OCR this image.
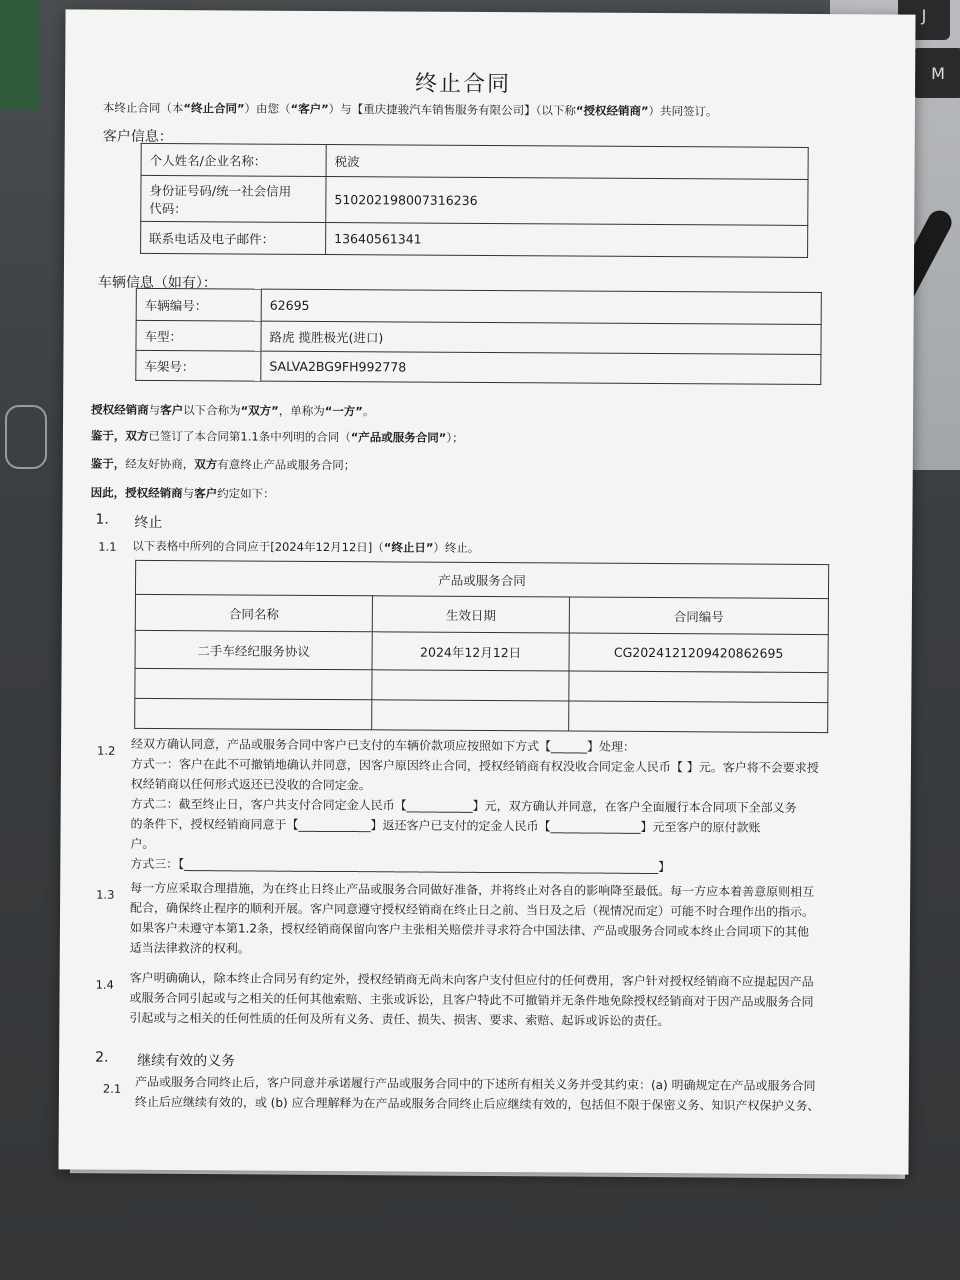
J
M
终止合同
本终止合同（本“终止合同”）由您（“客户”）与【重庆捷骏汽车销售服务有限公司】（以下称“授权经销商”）共同签订。
客户信息：
个人姓名/企业名称：	税波
身份证号码/统一社会信用
代码：	510202198007316236
联系电话及电子邮件：	13640561341
车辆信息（如有）：
车辆编号：	62695
车型：	路虎 揽胜极光(进口)
车架号：	SALVA2BG9FH992778
授权经销商与客户以下合称为“双方”，单称为“一方”。
鉴于，双方已签订了本合同第1.1条中列明的合同（“产品或服务合同”）；
鉴于，经友好协商，双方有意终止产品或服务合同；
因此，授权经销商与客户约定如下：
1. 终止
1.1 以下表格中所列的合同应于[2024年12月12日]（“终止日”）终止。
产品或服务合同		
合同名称	生效日期	合同编号
二手车经纪服务协议	2024年12月12日	CG2024121209420862695

1.2 经双方确认同意，产品或服务合同中客户已支付的车辆价款项应按照如下方式【______】处理：
方式一：客户在此不可撤销地确认并同意，因客户原因终止合同，授权经销商有权没收合同定金人民币【 】元。客户将不会要求授
权经销商以任何形式返还已没收的合同定金。
方式二：截至终止日，客户共支付合同定金人民币【___________】元，双方确认并同意，在客户全面履行本合同项下全部义务
的条件下，授权经销商同意于【____________】返还客户已支付的定金人民币【_______________】元至客户的原付款账
户。
方式三：【_______________________________________________________________________________】
1.3 每一方应采取合理措施，为在终止日终止产品或服务合同做好准备，并将终止对各自的影响降至最低。每一方应本着善意原则相互
配合，确保终止程序的顺利开展。客户同意遵守授权经销商在终止日之前、当日及之后（视情况而定）可能不时合理作出的指示。
如果客户未遵守本第1.2条，授权经销商保留向客户主张相关赔偿并寻求符合中国法律、产品或服务合同或本终止合同项下的其他
适当法律救济的权利。
1.4 客户明确确认，除本终止合同另有约定外，授权经销商无尚未向客户支付但应付的任何费用，客户针对授权经销商不应提起因产品
或服务合同引起或与之相关的任何其他索赔、主张或诉讼，且客户特此不可撤销并无条件地免除授权经销商对于因产品或服务合同
引起或与之相关的任何性质的任何及所有义务、责任、损失、损害、要求、索赔、起诉或诉讼的责任。
2. 继续有效的义务
2.1 产品或服务合同终止后，客户同意并承诺履行产品或服务合同中的下述所有相关义务并受其约束：(a) 明确规定在产品或服务合同
终止后应继续有效的，或 (b) 应合理解释为在产品或服务合同终止后应继续有效的，包括但不限于保密义务、知识产权保护义务、
